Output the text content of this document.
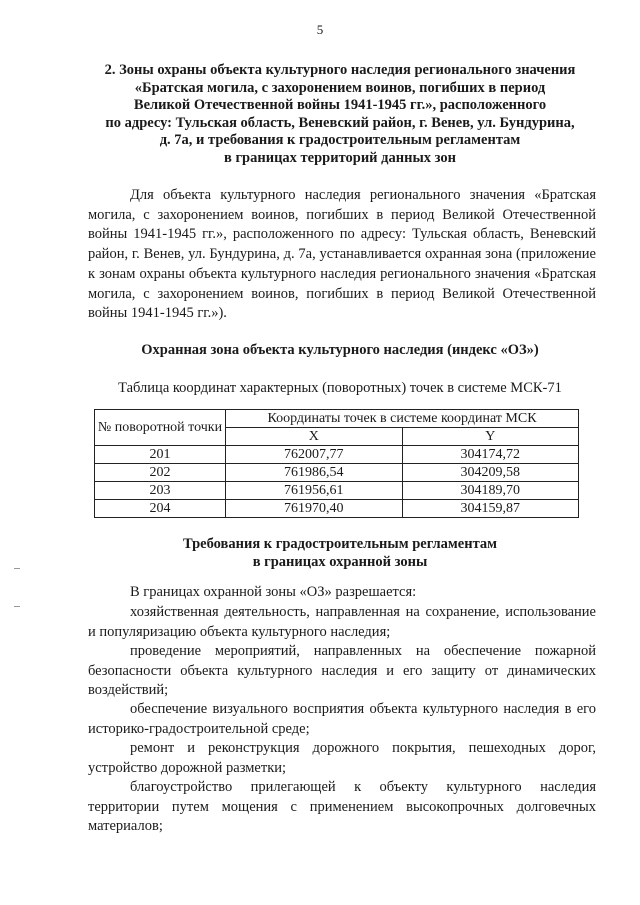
5
2. Зоны охраны объекта культурного наследия регионального значения
«Братская могила, с захоронением воинов, погибших в период
Великой Отечественной войны 1941-1945 гг.», расположенного
по адресу: Тульская область, Веневский район, г. Венев, ул. Бундурина,
д. 7а, и требования к градостроительным регламентам
в границах территорий данных зон
Для объекта культурного наследия регионального значения «Братская могила, с захоронением воинов, погибших в период Великой Отечественной войны 1941-1945 гг.», расположенного по адресу: Тульская область, Веневский район, г. Венев, ул. Бундурина, д. 7а, устанавливается охранная зона (приложение к зонам охраны объекта культурного наследия регионального значения «Братская могила, с захоронением воинов, погибших в период Великой Отечественной войны 1941-1945 гг.»).
Охранная зона объекта культурного наследия (индекс «ОЗ»)
Таблица координат характерных (поворотных) точек в системе МСК-71
№ поворотной точки	Координаты точек в системе координат МСК	
	X	Y
201	762007,77	304174,72
202	761986,54	304209,58
203	761956,61	304189,70
204	761970,40	304159,87
Требования к градостроительным регламентам
в границах охранной зоны
В границах охранной зоны «ОЗ» разрешается:
хозяйственная деятельность, направленная на сохранение, использование и популяризацию объекта культурного наследия;
проведение мероприятий, направленных на обеспечение пожарной безопасности объекта культурного наследия и его защиту от динамических воздействий;
обеспечение визуального восприятия объекта культурного наследия в его историко-градостроительной среде;
ремонт и реконструкция дорожного покрытия, пешеходных дорог, устройство дорожной разметки;
благоустройство прилегающей к объекту культурного наследия территории путем мощения с применением высокопрочных долговечных материалов;
